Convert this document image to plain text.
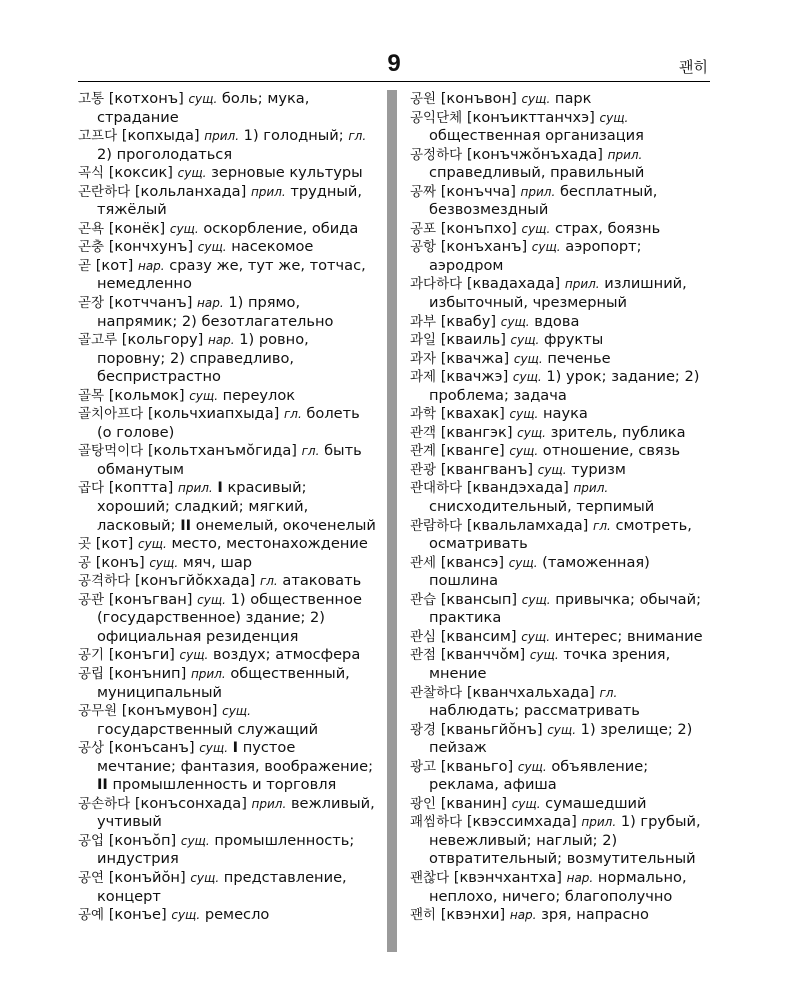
9	괜히

고통 [котхонъ] сущ. боль; мука, страдание

고프다 [копхыда] прил. 1) голодный; гл. 2) проголодаться

곡식 [коксик] сущ. зерновые культуры

곤란하다 [кольланхада] прил. трудный, тяжёлый

곤욕 [конёк] сущ. оскорбление, обида

곤충 [кончхунъ] сущ. насекомое

곧 [кот] нар. сразу же, тут же, тотчас, немедленно

곧장 [котччанъ] нар. 1) прямо, напрямик; 2) безотлагательно

골고루 [кольгору] нар. 1) ровно, поровну; 2) справедливо, беспристрастно

골목 [кольмок] сущ. переулок

골치아프다 [кольчхиапхыда] гл. болеть (о голове)

골탕먹이다 [кольтханъмŏгида] гл. быть обманутым

곱다 [коптта] прил. I красивый; хороший; сладкий; мягкий, ласковый; II онемелый, окоченелый

곳 [кот] сущ. место, местонахождение

공 [конъ] сущ. мяч, шар

공격하다 [конъгйŏкхада] гл. атаковать

공관 [конъгван] сущ. 1) общественное (государственное) здание; 2) официальная резиденция

공기 [конъги] сущ. воздух; атмосфера

공립 [конънип] прил. общественный, муниципальный

공무원 [конъмувон] сущ. государственный служащий

공상 [конъсанъ] сущ. I пустое мечтание; фантазия, воображение; II промышленность и торговля

공손하다 [конъсонхада] прил. вежливый, учтивый

공업 [конъŏп] сущ. промышленность; индустрия

공연 [конъйŏн] сущ. представление, концерт

공예 [конъе] сущ. ремесло

공원 [конъвон] сущ. парк

공익단체 [конъикттанчхэ] сущ. общественная организация

공정하다 [конъчжŏнъхада] прил. справедливый, правильный

공짜 [конъчча] прил. бесплатный, безвозмездный

공포 [конъпхо] сущ. страх, боязнь

공항 [конъханъ] сущ. аэропорт; аэродром

과다하다 [квадахада] прил. излишний, избыточный, чрезмерный

과부 [квабу] сущ. вдова

과일 [кваиль] сущ. фрукты

과자 [квачжа] сущ. печенье

과제 [квачжэ] сущ. 1) урок; задание; 2) проблема; задача

과학 [квахак] сущ. наука

관객 [квангэк] сущ. зритель, публика

관계 [кванге] сущ. отношение, связь

관광 [квангванъ] сущ. туризм

관대하다 [квандэхада] прил. снисходительный, терпимый

관람하다 [квальламхада] гл. смотреть, осматривать

관세 [квансэ] сущ. (таможенная) пошлина

관습 [квансып] сущ. привычка; обычай; практика

관심 [квансим] сущ. интерес; внимание

관점 [кванччŏм] сущ. точка зрения, мнение

관찰하다 [кванчхальхада] гл. наблюдать; рассматривать

광경 [кваньгйŏнъ] сущ. 1) зрелище; 2) пейзаж

광고 [кваньго] сущ. объявление; реклама, афиша

광인 [кванин] сущ. сумашедший

괘씸하다 [квэссимхада] прил. 1) грубый, невежливый; наглый; 2) отвратительный; возмутительный

괜찮다 [квэнчхантха] нар. нормально, неплохо, ничего; благополучно

괜히 [квэнхи] нар. зря, напрасно
